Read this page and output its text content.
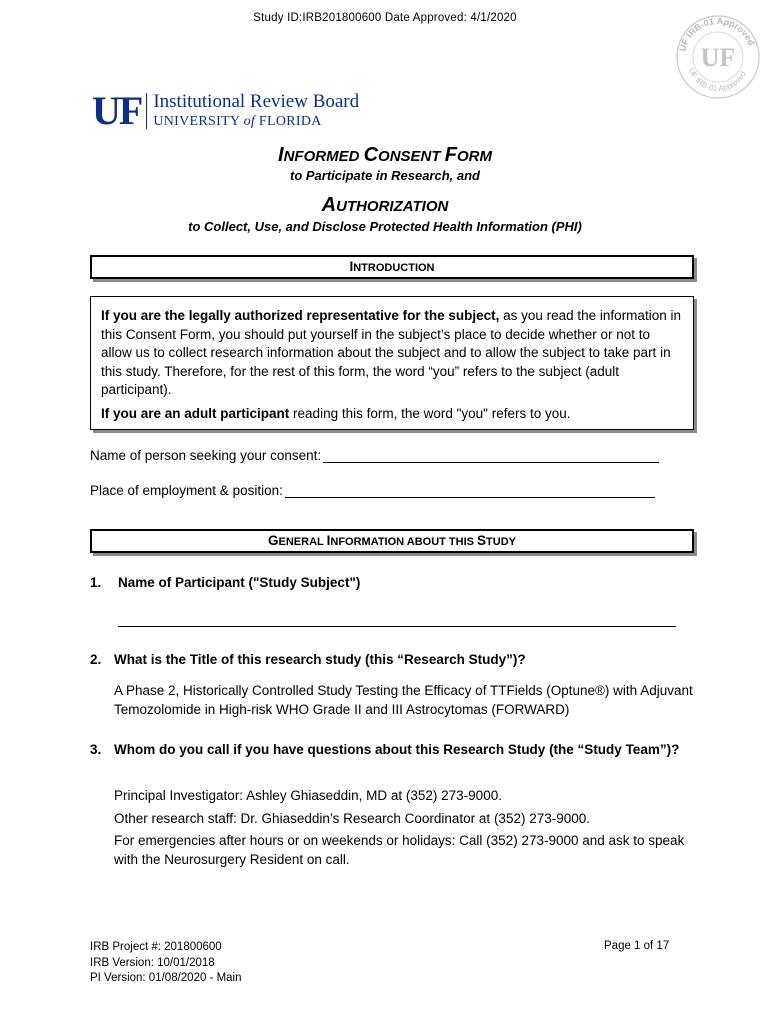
Study ID:IRB201800600 Date Approved: 4/1/2020
UF IRB-01 Approved
UF IRB-01 Approved
UF
UF Institutional Review Board
UNIVERSITY of FLORIDA
INFORMED CONSENT FORM
to Participate in Research, and
AUTHORIZATION
to Collect, Use, and Disclose Protected Health Information (PHI)
INTRODUCTION

If you are the legally authorized representative for the subject, as you read the information in this Consent Form, you should put yourself in the subject’s place to decide whether or not to allow us to collect research information about the subject and to allow the subject to take part in this study. Therefore, for the rest of this form, the word “you” refers to the subject (adult participant).

If you are an adult participant reading this form, the word "you" refers to you.

Name of person seeking your consent:
Place of employment & position:
GENERAL INFORMATION ABOUT THIS STUDY
1. Name of Participant ("Study Subject")
2. What is the Title of this research study (this “Research Study”)?
A Phase 2, Historically Controlled Study Testing the Efficacy of TTFields (Optune®) with Adjuvant Temozolomide in High-risk WHO Grade II and III Astrocytomas (FORWARD)
3. Whom do you call if you have questions about this Research Study (the “Study Team”)?
Principal Investigator: Ashley Ghiaseddin, MD at (352) 273-9000.
Other research staff: Dr. Ghiaseddin’s Research Coordinator at (352) 273-9000.
For emergencies after hours or on weekends or holidays: Call (352) 273-9000 and ask to speak with the Neurosurgery Resident on call.
IRB Project #: 201800600
IRB Version: 10/01/2018
PI Version: 01/08/2020 - Main
Page 1 of 17
